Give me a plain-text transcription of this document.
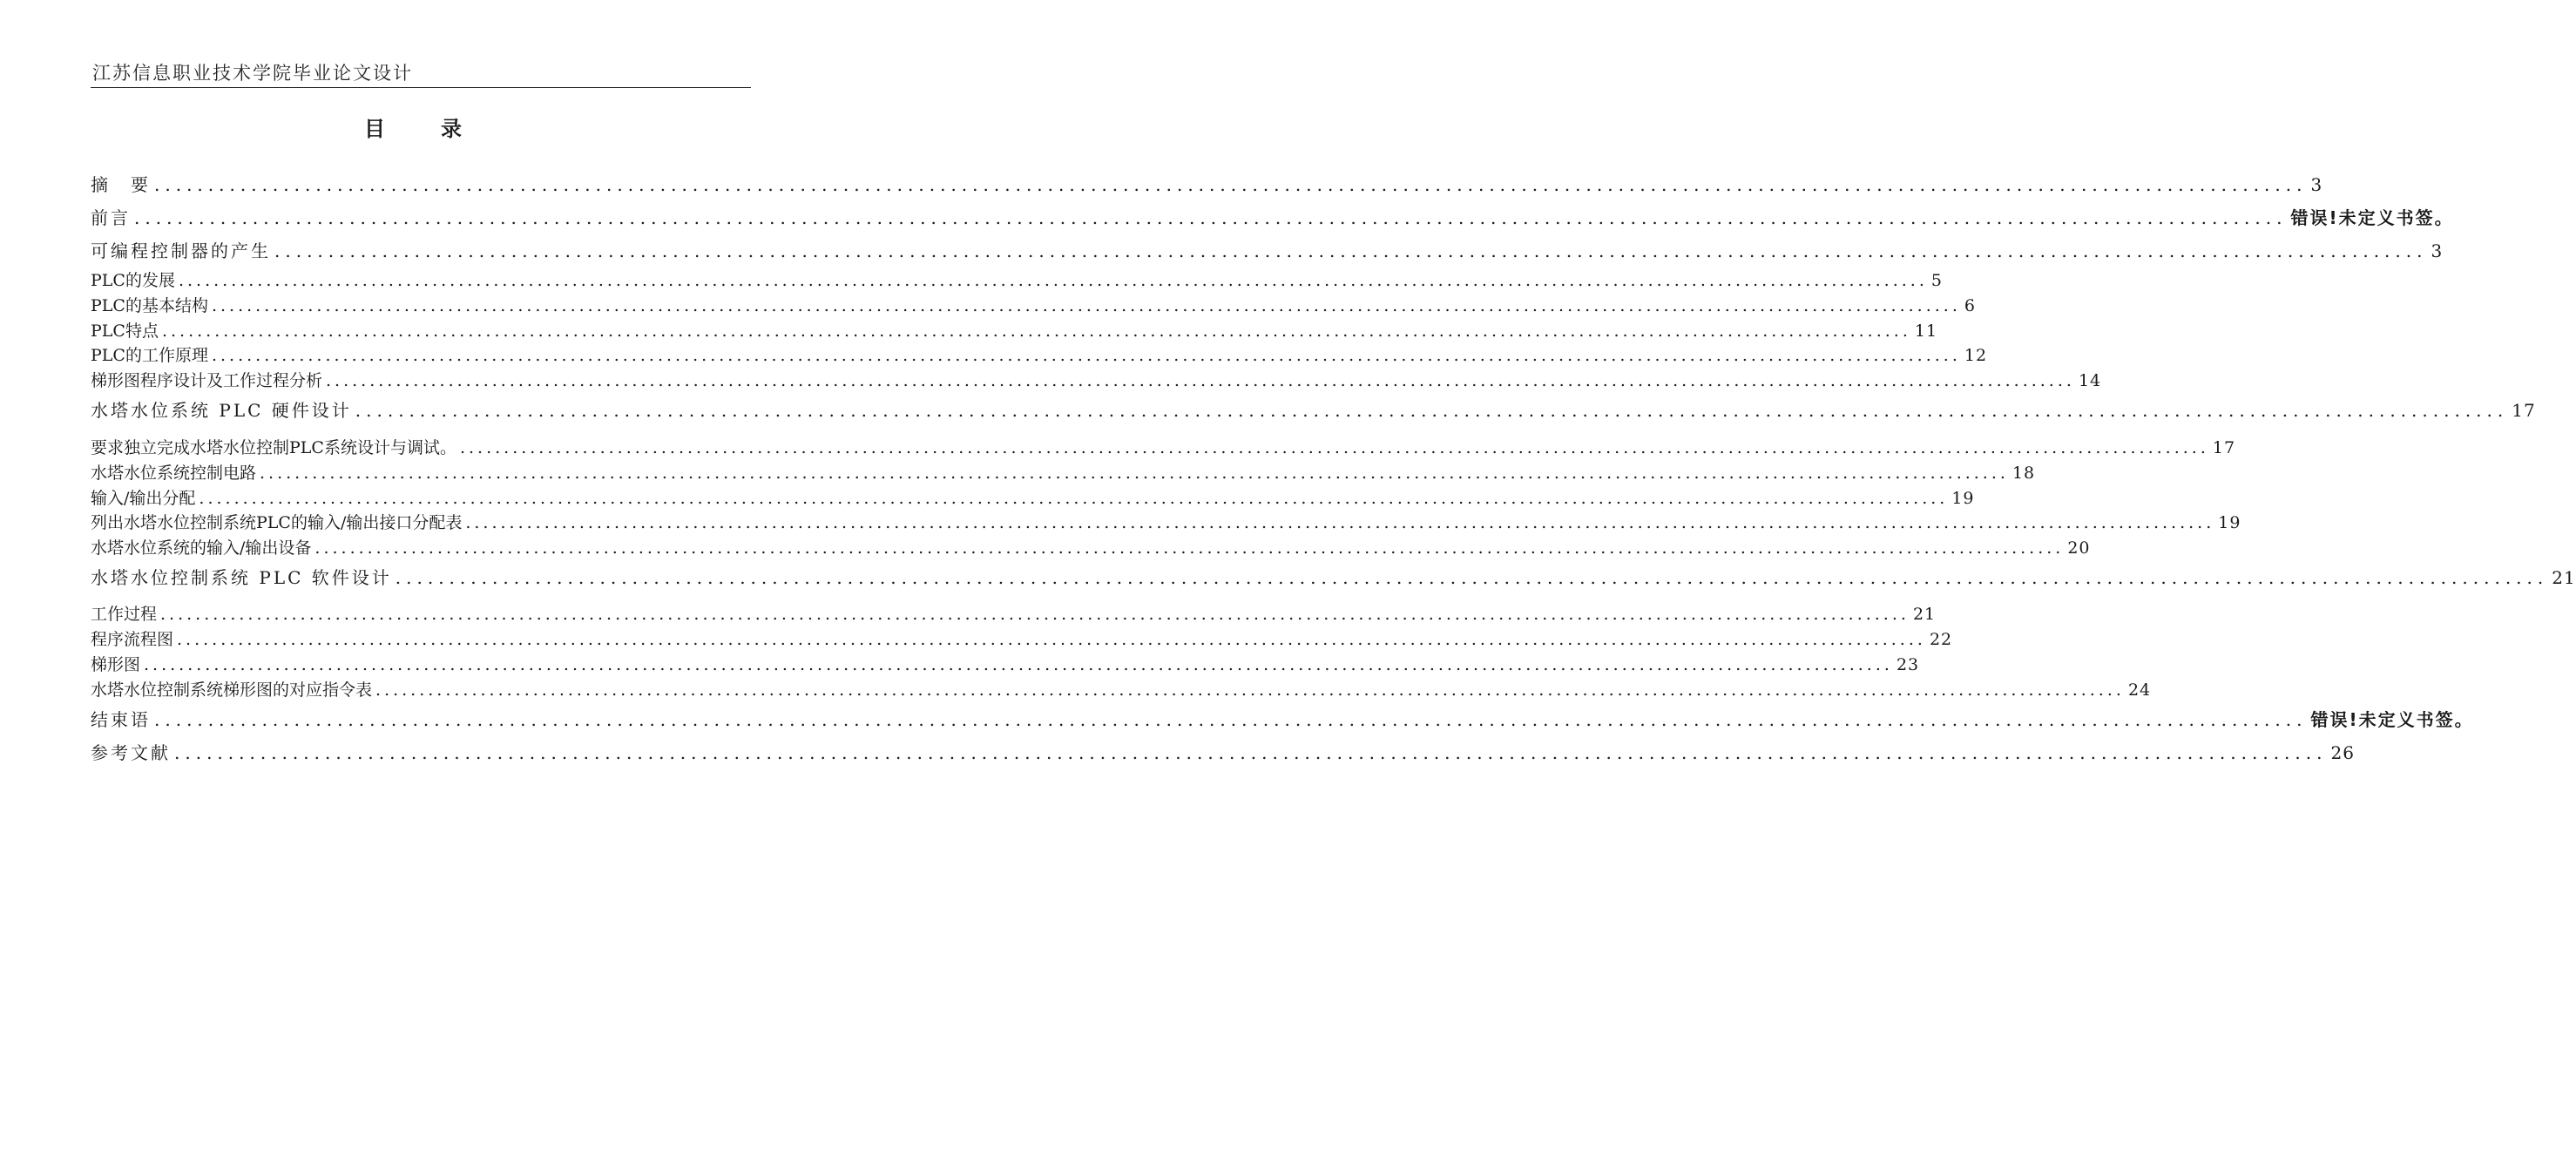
江苏信息职业技术学院毕业论文设计
目	录
摘　要 ........................................................................................................................................................................................................ 3
前言 ........................................................................................................................................................................................................ 错误!未定义书签。
可编程控制器的产生 ........................................................................................................................................................................................................ 3
PLC的发展 ........................................................................................................................................................................................................ 5
PLC的基本结构 ........................................................................................................................................................................................................ 6
PLC特点 ........................................................................................................................................................................................................ 11
PLC的工作原理 ........................................................................................................................................................................................................ 12
梯形图程序设计及工作过程分析 ........................................................................................................................................................................................................ 14
水塔水位系统 PLC 硬件设计 ........................................................................................................................................................................................................ 17
要求独立完成水塔水位控制PLC系统设计与调试。 ........................................................................................................................................................................................................ 17
水塔水位系统控制电路 ........................................................................................................................................................................................................ 18
输入/输出分配 ........................................................................................................................................................................................................ 19
列出水塔水位控制系统PLC的输入/输出接口分配表 ........................................................................................................................................................................................................ 19
水塔水位系统的输入/输出设备 ........................................................................................................................................................................................................ 20
水塔水位控制系统 PLC 软件设计 ........................................................................................................................................................................................................ 21
工作过程 ........................................................................................................................................................................................................ 21
程序流程图 ........................................................................................................................................................................................................ 22
梯形图 ........................................................................................................................................................................................................ 23
水塔水位控制系统梯形图的对应指令表 ........................................................................................................................................................................................................ 24
结束语 ........................................................................................................................................................................................................ 错误!未定义书签。
参考文献 ........................................................................................................................................................................................................ 26
